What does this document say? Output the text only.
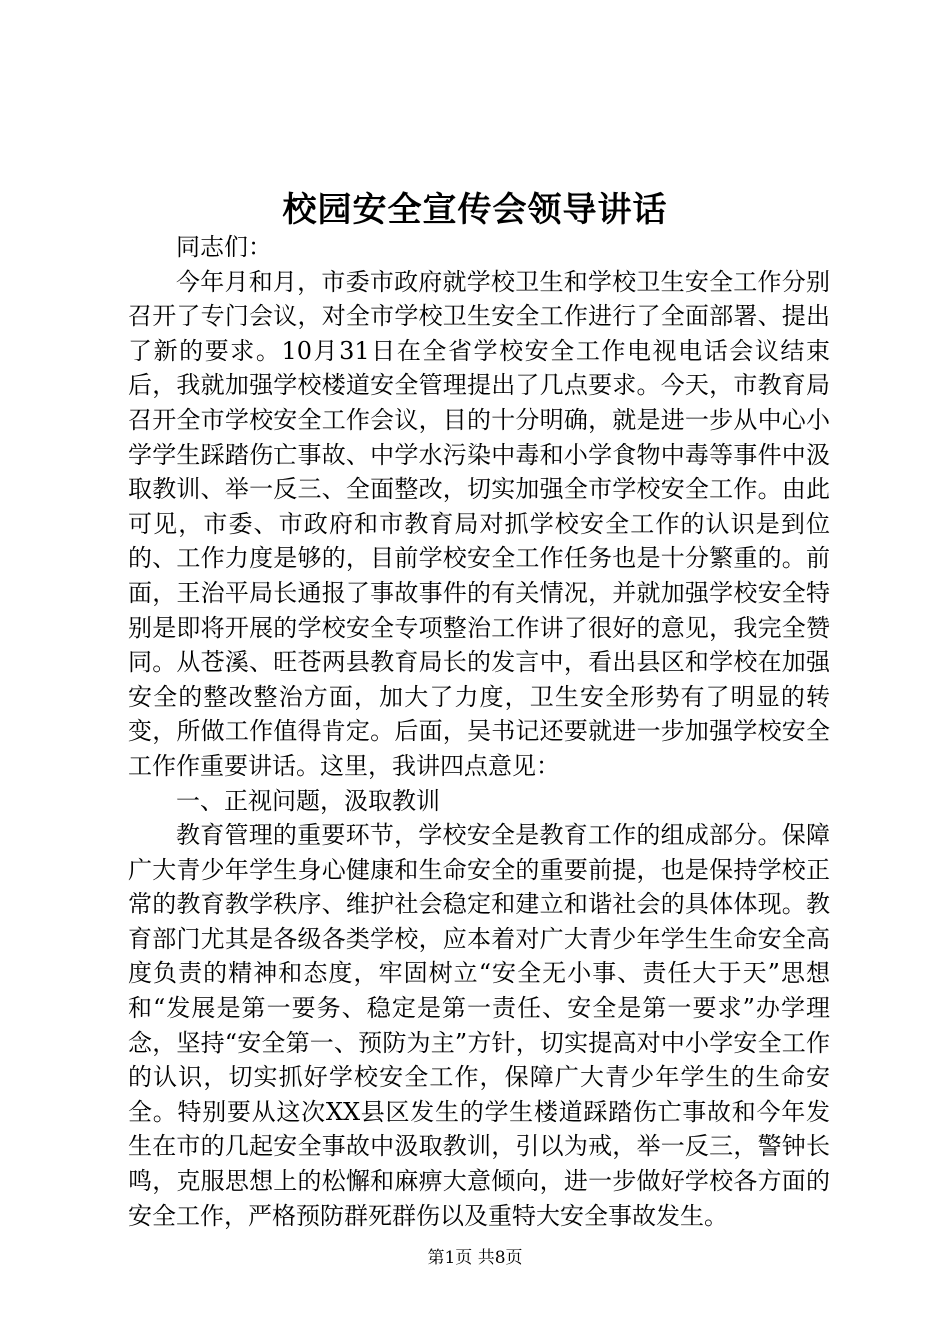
校园安全宣传会领导讲话

同志们：

今年月和月，市委市政府就学校卫生和学校卫生安全工作分别召开了专门会议，对全市学校卫生安全工作进行了全面部署、提出了新的要求。10月31日在全省学校安全工作电视电话会议结束后，我就加强学校楼道安全管理提出了几点要求。今天，市教育局召开全市学校安全工作会议，目的十分明确，就是进一步从中心小学学生踩踏伤亡事故、中学水污染中毒和小学食物中毒等事件中汲取教训、举一反三、全面整改，切实加强全市学校安全工作。由此可见，市委、市政府和市教育局对抓学校安全工作的认识是到位的、工作力度是够的，目前学校安全工作任务也是十分繁重的。前面，王治平局长通报了事故事件的有关情况，并就加强学校安全特别是即将开展的学校安全专项整治工作讲了很好的意见，我完全赞同。从苍溪、旺苍两县教育局长的发言中，看出县区和学校在加强安全的整改整治方面，加大了力度，卫生安全形势有了明显的转变，所做工作值得肯定。后面，吴书记还要就进一步加强学校安全工作作重要讲话。这里，我讲四点意见：

一、正视问题，汲取教训

教育管理的重要环节，学校安全是教育工作的组成部分。保障广大青少年学生身心健康和生命安全的重要前提，也是保持学校正常的教育教学秩序、维护社会稳定和建立和谐社会的具体体现。教育部门尤其是各级各类学校，应本着对广大青少年学生生命安全高度负责的精神和态度，牢固树立“安全无小事、责任大于天”思想和“发展是第一要务、稳定是第一责任、安全是第一要求”办学理念，坚持“安全第一、预防为主”方针，切实提高对中小学安全工作的认识，切实抓好学校安全工作，保障广大青少年学生的生命安全。特别要从这次XX县区发生的学生楼道踩踏伤亡事故和今年发生在市的几起安全事故中汲取教训，引以为戒，举一反三，警钟长鸣，克服思想上的松懈和麻痹大意倾向，进一步做好学校各方面的安全工作，严格预防群死群伤以及重特大安全事故发生。

第1页 共8页
